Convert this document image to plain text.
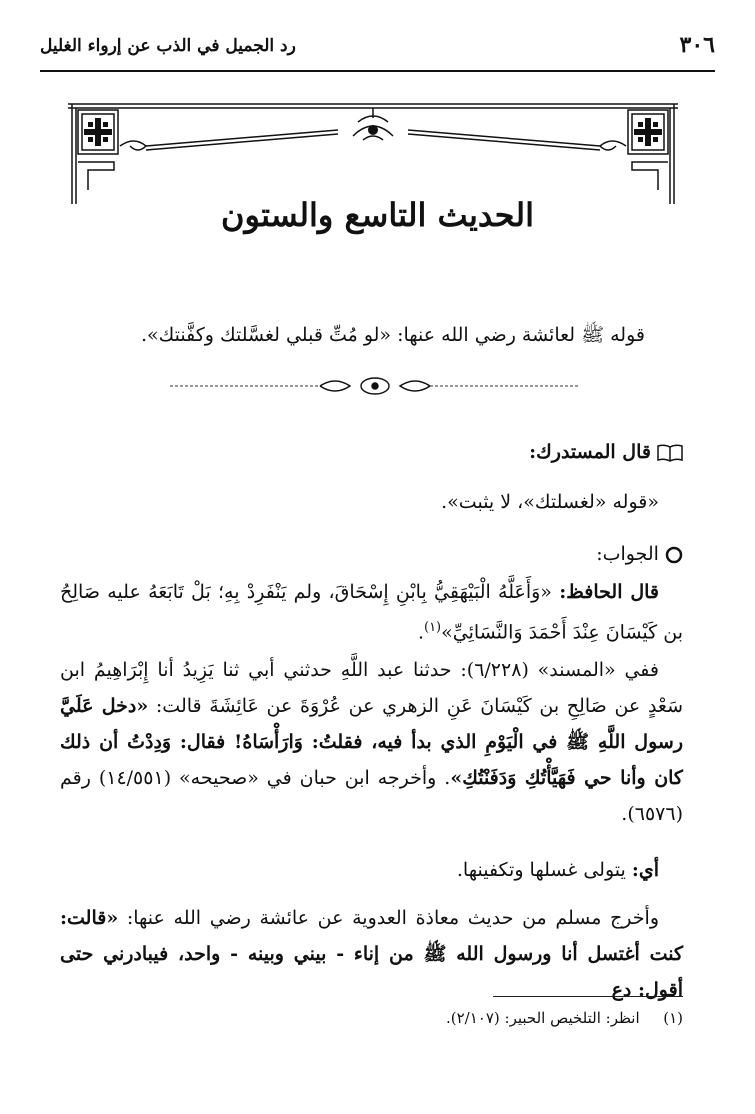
٣٠٦
رد الجميل في الذب عن إرواء الغليل
الحديث التاسع والستون
قوله ﷺ لعائشة رضي الله عنها: «لو مُتِّ قبلي لغسَّلتك وكفَّنتك».
قال المستدرك:
«قوله «لغسلتك»، لا يثبت».
الجواب:
قال الحافظ: «وَأَعَلَّهُ الْبَيْهَقِيُّ بِابْنِ إِسْحَاقَ، ولم يَنْفَرِدْ بِهِ؛ بَلْ تَابَعَهُ عليه صَالِحُ بن كَيْسَانَ عِنْدَ أَحْمَدَ وَالنَّسَائِيِّ»$^{(١)}$.
ففي «المسند» (٦/٢٢٨): حدثنا عبد اللَّهِ حدثني أبي ثنا يَزِيدُ أنا إِبْرَاهِيمُ ابن سَعْدٍ عن صَالِحِ بن كَيْسَانَ عَنِ الزهري عن عُرْوَةَ عن عَائِشَةَ قالت: «دخل عَلَيَّ رسول اللَّهِ ﷺ في الْيَوْمِ الذي بدأ فيه، فقلتُ: وَارَأْسَاهُ! فقال: وَدِدْتُ أن ذلك كان وأنا حي فَهَيَّأْتُكِ وَدَفَنْتُكِ». وأخرجه ابن حبان في «صحيحه» (١٤/٥٥١) رقم (٦٥٧٦).
أي: يتولى غسلها وتكفينها.
وأخرج مسلم من حديث معاذة العدوية عن عائشة رضي الله عنها: «قالت: كنت أغتسل أنا ورسول الله ﷺ من إناء - بيني وبينه - واحد، فيبادرني حتى أقول: دع
(١)  انظر: التلخيص الحبير: (٢/١٠٧).
